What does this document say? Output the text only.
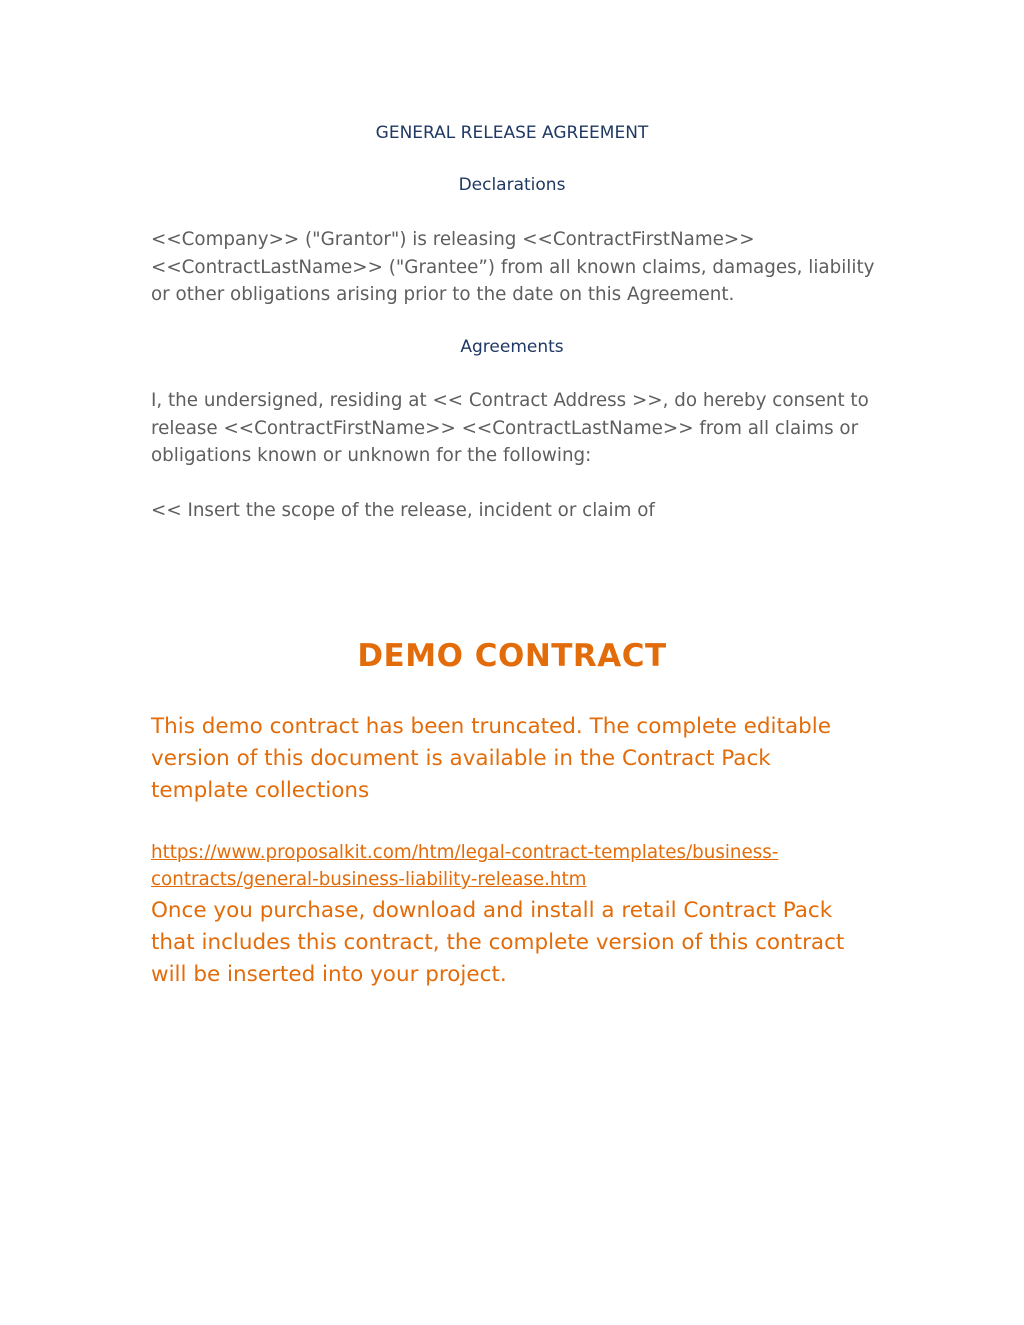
GENERAL RELEASE AGREEMENT
Declarations
<<Company>> ("Grantor") is releasing <<ContractFirstName>>
<<ContractLastName>> ("Grantee”) from all known claims, damages, liability
or other obligations arising prior to the date on this Agreement.
Agreements
I, the undersigned, residing at << Contract Address >>, do hereby consent to
release <<ContractFirstName>> <<ContractLastName>> from all claims or
obligations known or unknown for the following:
<< Insert the scope of the release, incident or claim of
DEMO CONTRACT
This demo contract has been truncated. The complete editable
version of this document is available in the Contract Pack
template collections
https://www.proposalkit.com/htm/legal-contract-templates/business-
contracts/general-business-liability-release.htm
Once you purchase, download and install a retail Contract Pack
that includes this contract, the complete version of this contract
will be inserted into your project.
